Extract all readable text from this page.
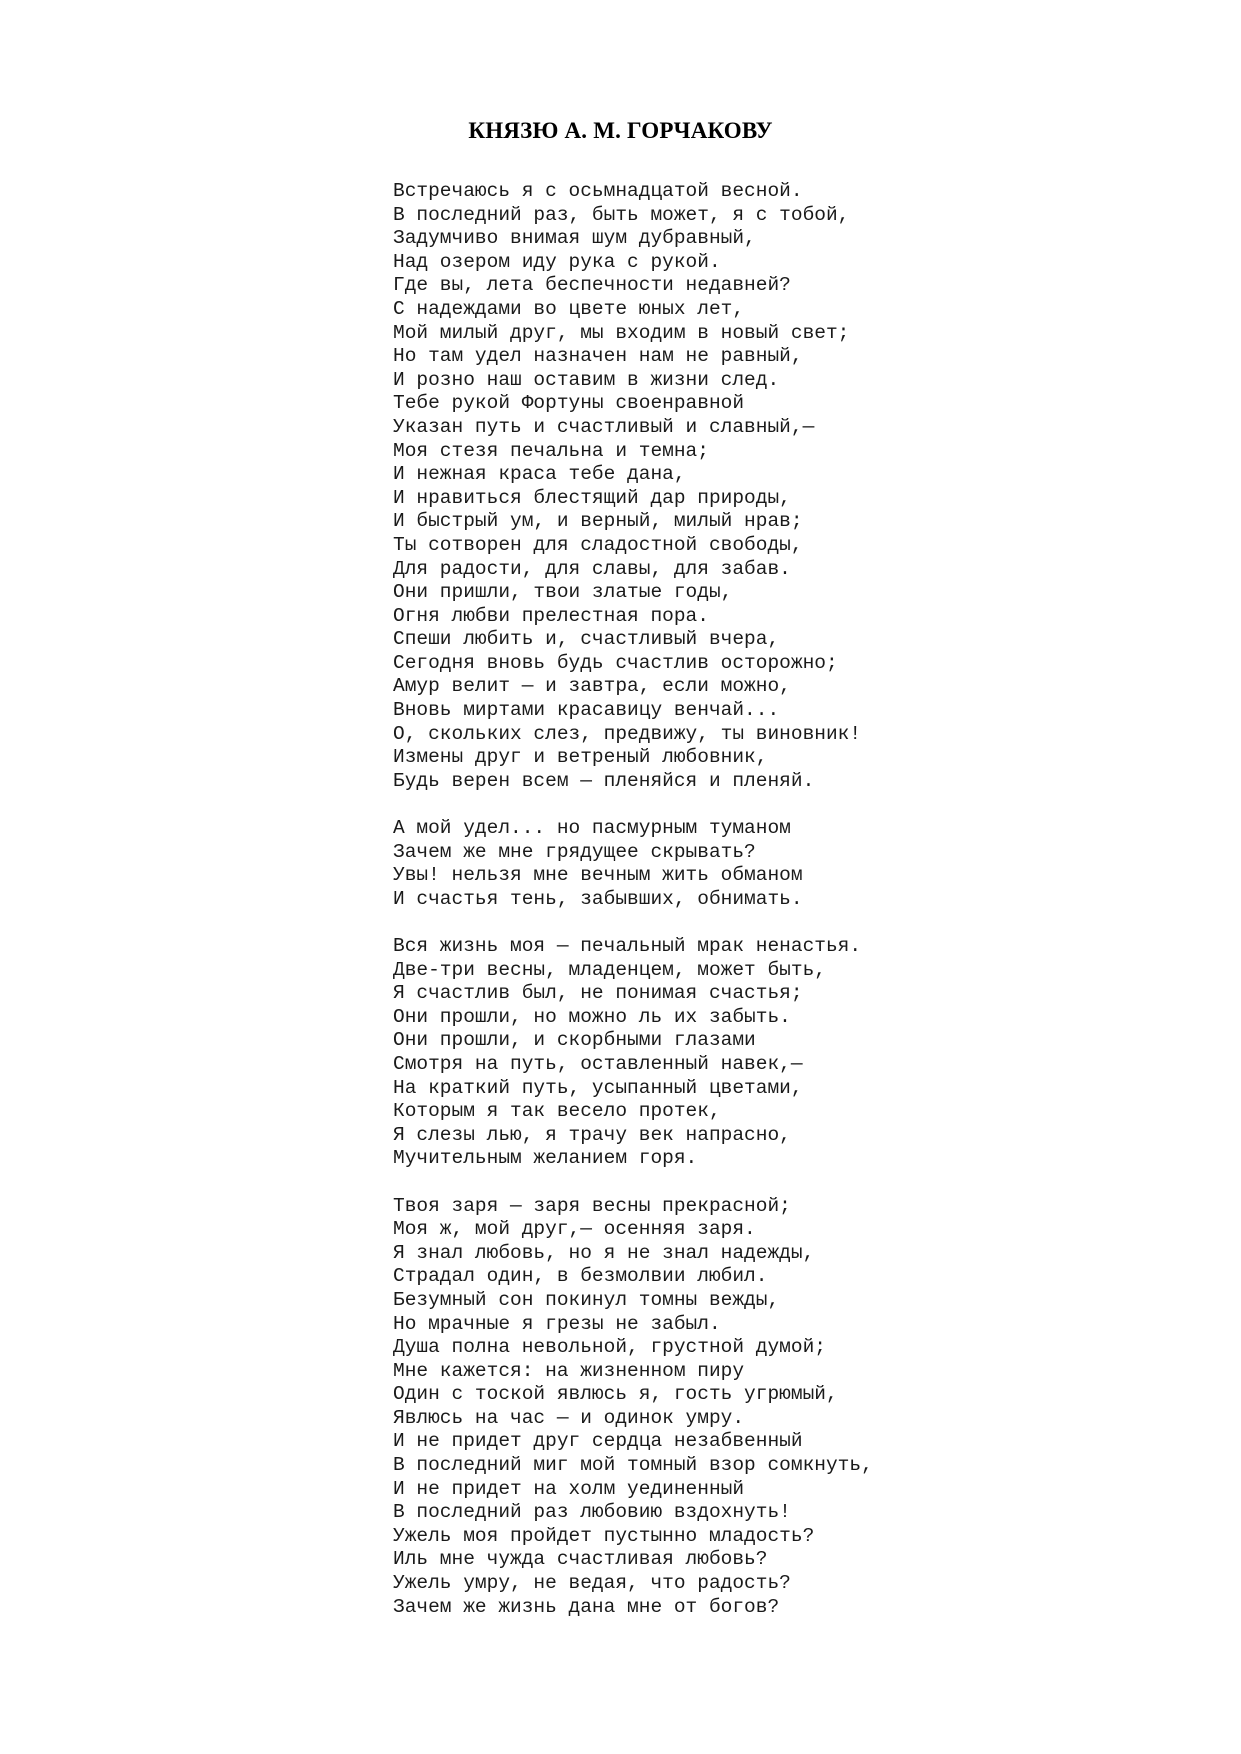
КНЯЗЮ А. М. ГОРЧАКОВУ
Встречаюсь я с осьмнадцатой весной.
В последний раз, быть может, я с тобой,
Задумчиво внимая шум дубравный,
Над озером иду рука с рукой.
Где вы, лета беспечности недавней?
С надеждами во цвете юных лет,
Мой милый друг, мы входим в новый свет;
Но там удел назначен нам не равный,
И розно наш оставим в жизни след.
Тебе рукой Фортуны своенравной
Указан путь и счастливый и славный,—
Моя стезя печальна и темна;
И нежная краса тебе дана,
И нравиться блестящий дар природы,
И быстрый ум, и верный, милый нрав;
Ты сотворен для сладостной свободы,
Для радости, для славы, для забав.
Они пришли, твои златые годы,
Огня любви прелестная пора.
Спеши любить и, счастливый вчера,
Сегодня вновь будь счастлив осторожно;
Амур велит — и завтра, если можно,
Вновь миртами красавицу венчай...
О, скольких слез, предвижу, ты виновник!
Измены друг и ветреный любовник,
Будь верен всем — пленяйся и пленяй.
А мой удел... но пасмурным туманом
Зачем же мне грядущее скрывать?
Увы! нельзя мне вечным жить обманом
И счастья тень, забывших, обнимать.
Вся жизнь моя — печальный мрак ненастья.
Две-три весны, младенцем, может быть,
Я счастлив был, не понимая счастья;
Они прошли, но можно ль их забыть.
Они прошли, и скорбными глазами
Смотря на путь, оставленный навек,—
На краткий путь, усыпанный цветами,
Которым я так весело протек,
Я слезы лью, я трачу век напрасно,
Мучительным желанием горя.
Твоя заря — заря весны прекрасной;
Моя ж, мой друг,— осенняя заря.
Я знал любовь, но я не знал надежды,
Страдал один, в безмолвии любил.
Безумный сон покинул томны вежды,
Но мрачные я грезы не забыл.
Душа полна невольной, грустной думой;
Мне кажется: на жизненном пиру
Один с тоской явлюсь я, гость угрюмый,
Явлюсь на час — и одинок умру.
И не придет друг сердца незабвенный
В последний миг мой томный взор сомкнуть,
И не придет на холм уединенный
В последний раз любовию вздохнуть!
Ужель моя пройдет пустынно младость?
Иль мне чужда счастливая любовь?
Ужель умру, не ведая, что радость?
Зачем же жизнь дана мне от богов?
